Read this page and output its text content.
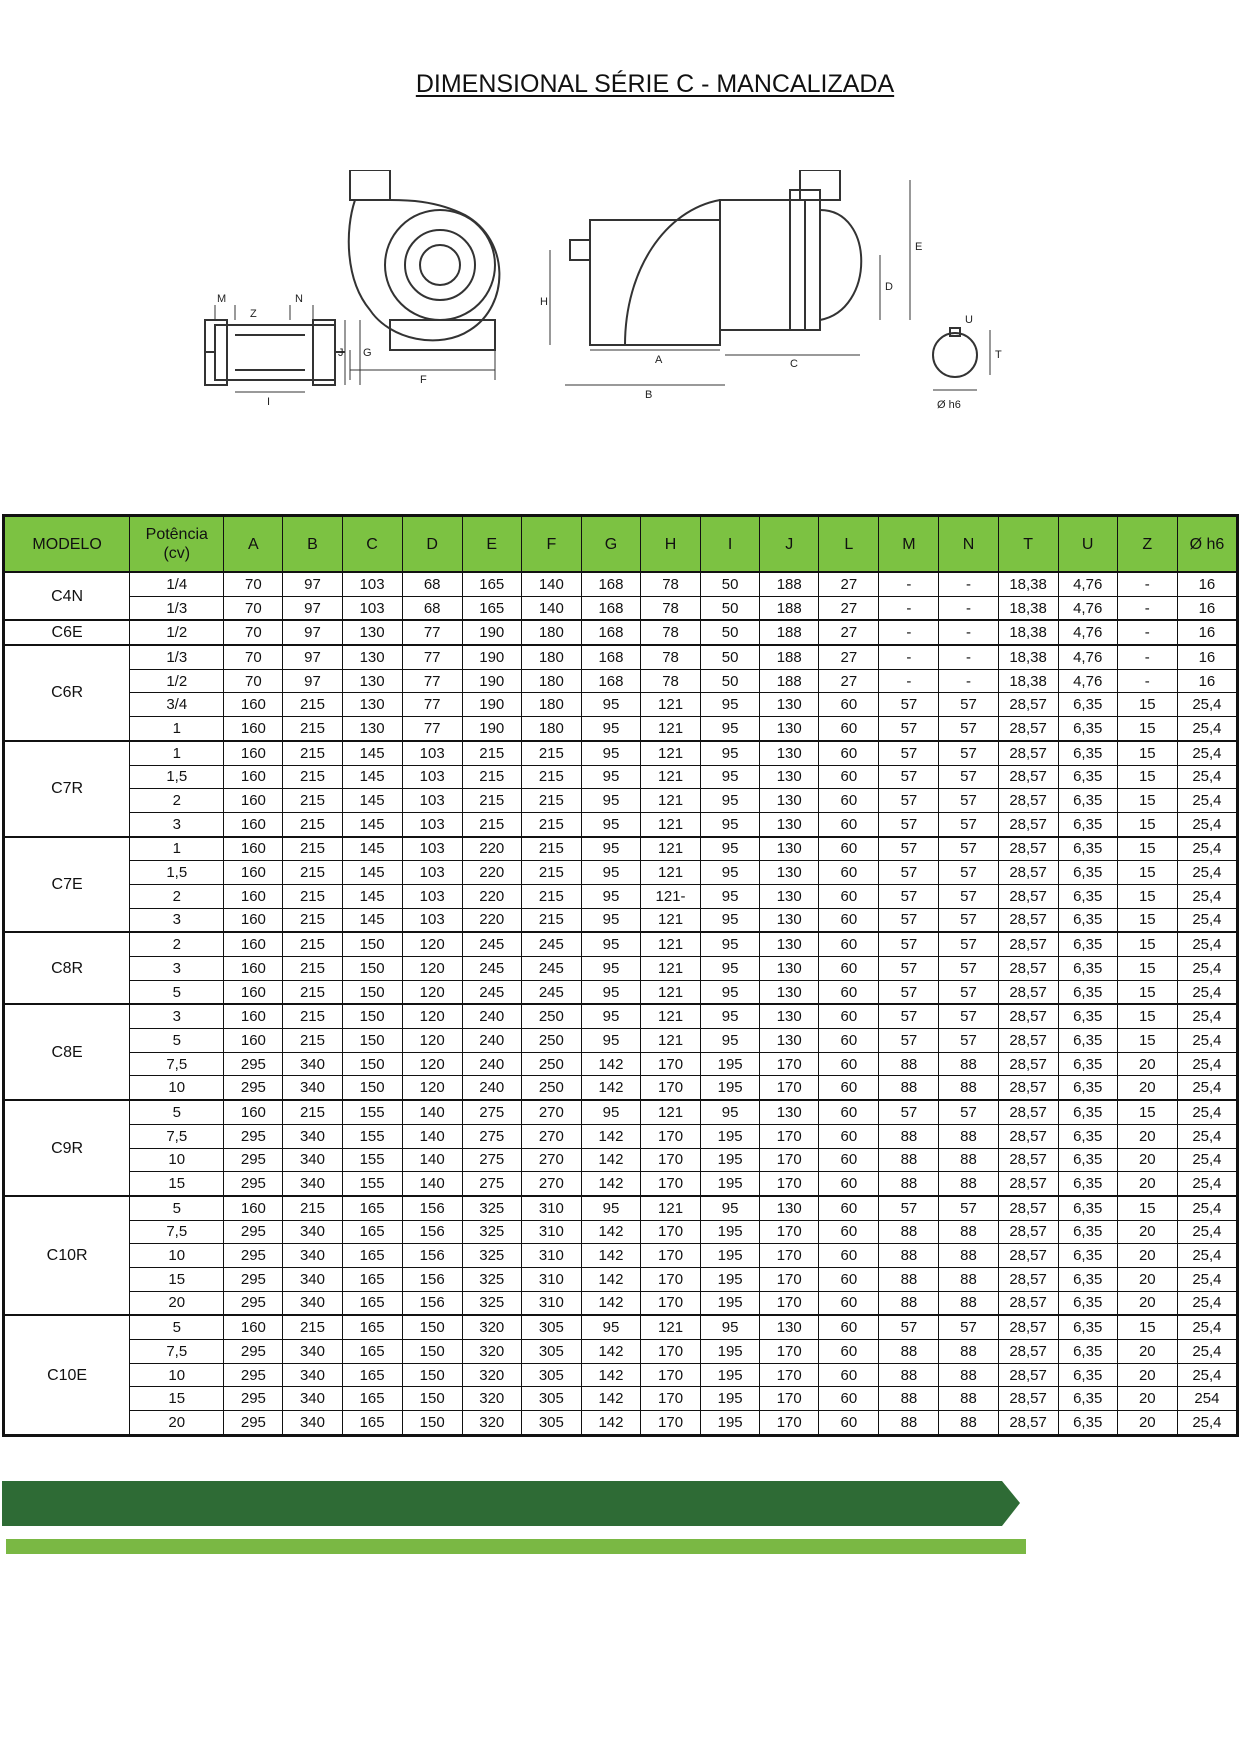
DIMENSIONAL SÉRIE C - MANCALIZADA
M	N
Z
J G
I
F
H
A
B
C
D
E
U
T
Ø h6
MODELO	Potência (cv)	A	B	C	D	E	F	G	H	I	J	L	M	N	T	U	Z	Ø h6
C4N	1/4	70	97	103	68	165	140	168	78	50	188	27	-	-	18,38	4,76	-	16
	1/3	70	97	103	68	165	140	168	78	50	188	27	-	-	18,38	4,76	-	16
C6E	1/2	70	97	130	77	190	180	168	78	50	188	27	-	-	18,38	4,76	-	16
C6R	1/3	70	97	130	77	190	180	168	78	50	188	27	-	-	18,38	4,76	-	16
	1/2	70	97	130	77	190	180	168	78	50	188	27	-	-	18,38	4,76	-	16
	3/4	160	215	130	77	190	180	95	121	95	130	60	57	57	28,57	6,35	15	25,4
	1	160	215	130	77	190	180	95	121	95	130	60	57	57	28,57	6,35	15	25,4
C7R	1	160	215	145	103	215	215	95	121	95	130	60	57	57	28,57	6,35	15	25,4
	1,5	160	215	145	103	215	215	95	121	95	130	60	57	57	28,57	6,35	15	25,4
	2	160	215	145	103	215	215	95	121	95	130	60	57	57	28,57	6,35	15	25,4
	3	160	215	145	103	215	215	95	121	95	130	60	57	57	28,57	6,35	15	25,4
C7E	1	160	215	145	103	220	215	95	121	95	130	60	57	57	28,57	6,35	15	25,4
	1,5	160	215	145	103	220	215	95	121	95	130	60	57	57	28,57	6,35	15	25,4
	2	160	215	145	103	220	215	95	121-	95	130	60	57	57	28,57	6,35	15	25,4
	3	160	215	145	103	220	215	95	121	95	130	60	57	57	28,57	6,35	15	25,4
C8R	2	160	215	150	120	245	245	95	121	95	130	60	57	57	28,57	6,35	15	25,4
	3	160	215	150	120	245	245	95	121	95	130	60	57	57	28,57	6,35	15	25,4
	5	160	215	150	120	245	245	95	121	95	130	60	57	57	28,57	6,35	15	25,4
C8E	3	160	215	150	120	240	250	95	121	95	130	60	57	57	28,57	6,35	15	25,4
	5	160	215	150	120	240	250	95	121	95	130	60	57	57	28,57	6,35	15	25,4
	7,5	295	340	150	120	240	250	142	170	195	170	60	88	88	28,57	6,35	20	25,4
	10	295	340	150	120	240	250	142	170	195	170	60	88	88	28,57	6,35	20	25,4
C9R	5	160	215	155	140	275	270	95	121	95	130	60	57	57	28,57	6,35	15	25,4
	7,5	295	340	155	140	275	270	142	170	195	170	60	88	88	28,57	6,35	20	25,4
	10	295	340	155	140	275	270	142	170	195	170	60	88	88	28,57	6,35	20	25,4
	15	295	340	155	140	275	270	142	170	195	170	60	88	88	28,57	6,35	20	25,4
C10R	5	160	215	165	156	325	310	95	121	95	130	60	57	57	28,57	6,35	15	25,4
	7,5	295	340	165	156	325	310	142	170	195	170	60	88	88	28,57	6,35	20	25,4
	10	295	340	165	156	325	310	142	170	195	170	60	88	88	28,57	6,35	20	25,4
	15	295	340	165	156	325	310	142	170	195	170	60	88	88	28,57	6,35	20	25,4
	20	295	340	165	156	325	310	142	170	195	170	60	88	88	28,57	6,35	20	25,4
C10E	5	160	215	165	150	320	305	95	121	95	130	60	57	57	28,57	6,35	15	25,4
	7,5	295	340	165	150	320	305	142	170	195	170	60	88	88	28,57	6,35	20	25,4
	10	295	340	165	150	320	305	142	170	195	170	60	88	88	28,57	6,35	20	25,4
	15	295	340	165	150	320	305	142	170	195	170	60	88	88	28,57	6,35	20	254
	20	295	340	165	150	320	305	142	170	195	170	60	88	88	28,57	6,35	20	25,4
